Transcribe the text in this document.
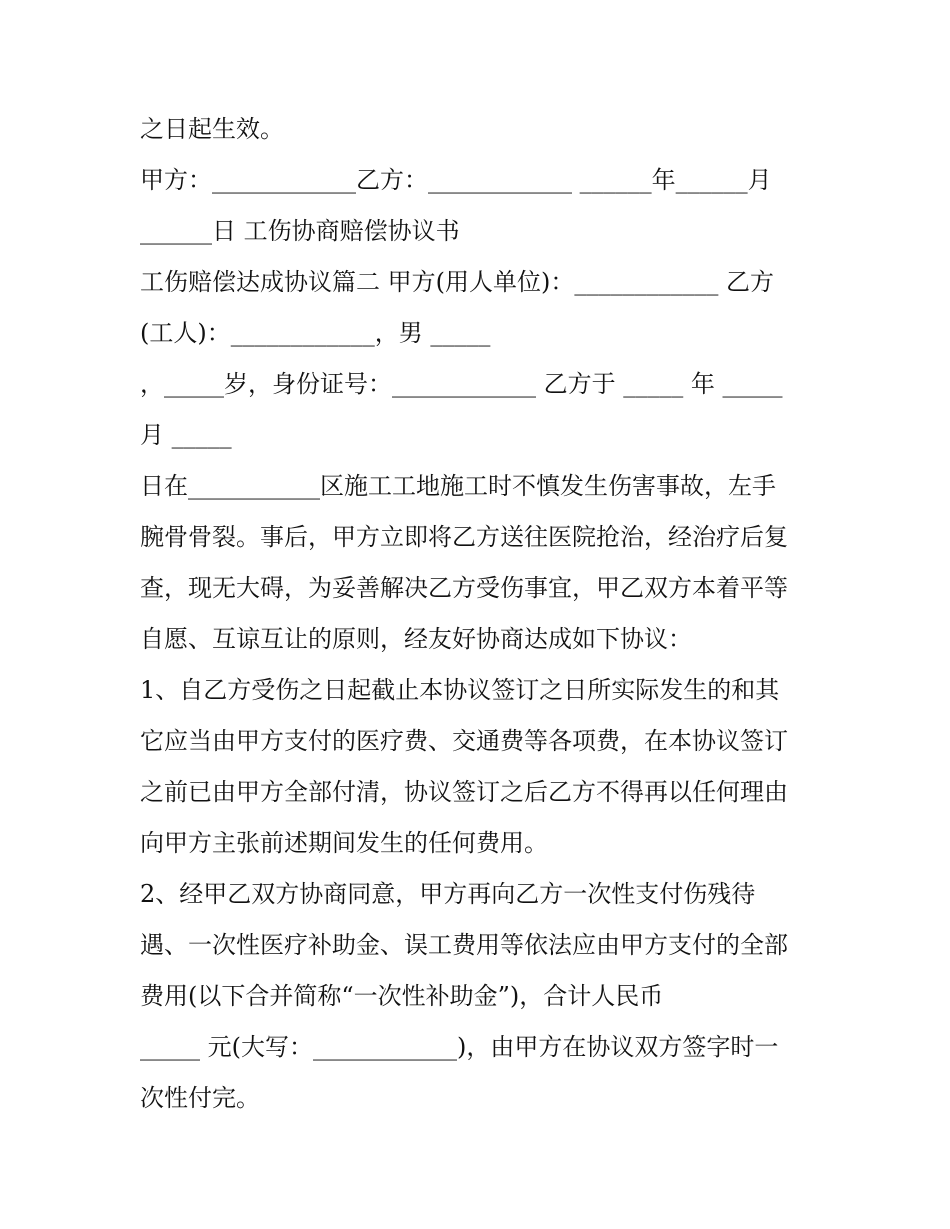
之日起生效。
甲方：____________乙方：____________ ______年______月
______日 工伤协商赔偿协议书
工伤赔偿达成协议篇二 甲方(用人单位)：____________ 乙方
(工人)：____________，男 _____
，_____岁，身份证号：____________ 乙方于 _____ 年 _____
月 _____
日在___________区施工工地施工时不慎发生伤害事故，左手
腕骨骨裂。事后，甲方立即将乙方送往医院抢治，经治疗后复
查，现无大碍，为妥善解决乙方受伤事宜，甲乙双方本着平等
自愿、互谅互让的原则，经友好协商达成如下协议：
1、自乙方受伤之日起截止本协议签订之日所实际发生的和其
它应当由甲方支付的医疗费、交通费等各项费，在本协议签订
之前已由甲方全部付清，协议签订之后乙方不得再以任何理由
向甲方主张前述期间发生的任何费用。
2、经甲乙双方协商同意，甲方再向乙方一次性支付伤残待
遇、一次性医疗补助金、误工费用等依法应由甲方支付的全部
费用(以下合并简称“一次性补助金”)，合计人民币
_____ 元(大写：____________)，由甲方在协议双方签字时一
次性付完。
